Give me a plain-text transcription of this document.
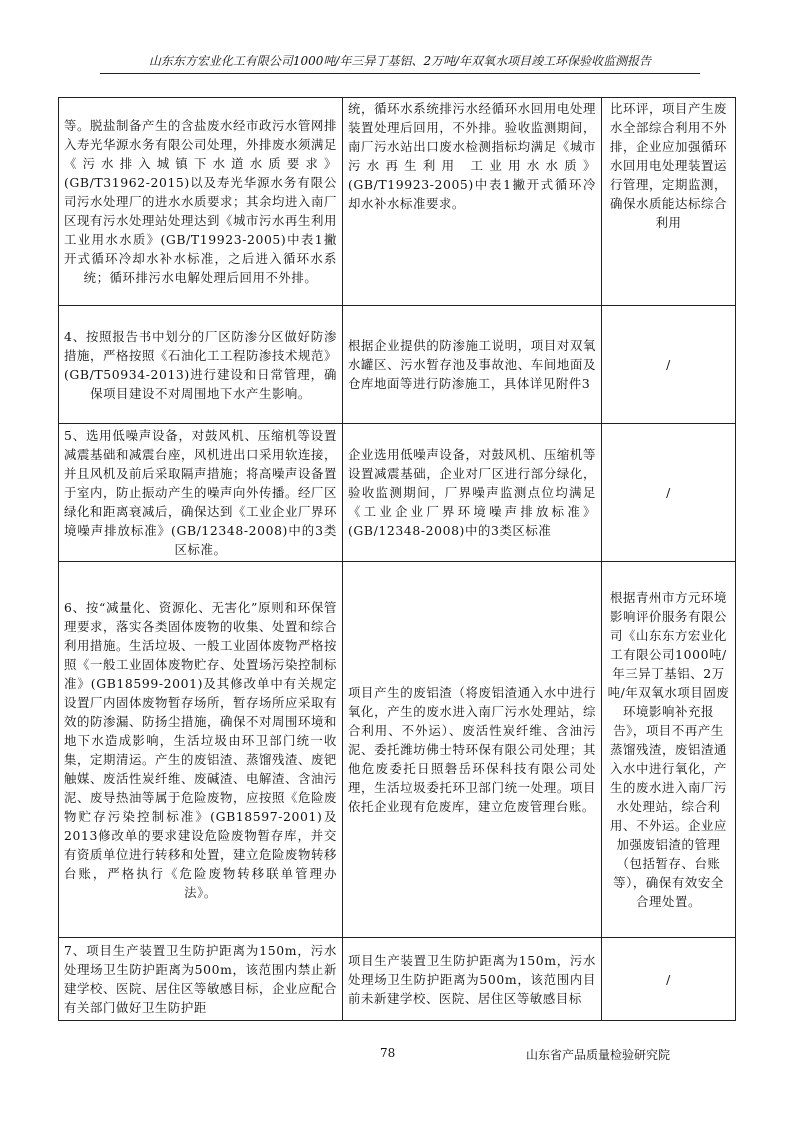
山东东方宏业化工有限公司1000吨/年三异丁基铝、2万吨/年双氧水项目竣工环保验收监测报告
等。脱盐制备产生的含盐废水经市政污水管网排入寿光华源水务有限公司处理，外排废水须满足《污水排入城镇下水道水质要求》(GB/T31962-2015)以及寿光华源水务有限公司污水处理厂的进水水质要求；其余均进入南厂区现有污水处理站处理达到《城市污水再生利用 工业用水水质》(GB/T19923-2005)中表1撇开式循环冷却水补水标准，之后进入循环水系统；循环排污水电解处理后回用不外排。	统，循环水系统排污水经循环水回用电处理装置处理后回用，不外排。验收监测期间，南厂污水站出口废水检测指标均满足《城市污水再生利用 工业用水水质》(GB/T19923-2005)中表1撇开式循环冷却水补水标准要求。	比环评，项目产生废水全部综合利用不外排，企业应加强循环水回用电处理装置运行管理，定期监测，确保水质能达标综合利用
4、按照报告书中划分的厂区防渗分区做好防渗措施，严格按照《石油化工工程防渗技术规范》(GB/T50934-2013)进行建设和日常管理，确保项目建设不对周围地下水产生影响。	根据企业提供的防渗施工说明，项目对双氧水罐区、污水暂存池及事故池、车间地面及仓库地面等进行防渗施工，具体详见附件3	/
5、选用低噪声设备，对鼓风机、压缩机等设置减震基础和减震台座，风机进出口采用软连接，并且风机及前后采取隔声措施；将高噪声设备置于室内，防止振动产生的噪声向外传播。经厂区绿化和距离衰减后，确保达到《工业企业厂界环境噪声排放标准》(GB/12348-2008)中的3类区标准。	企业选用低噪声设备，对鼓风机、压缩机等设置减震基础，企业对厂区进行部分绿化，验收监测期间，厂界噪声监测点位均满足《工业企业厂界环境噪声排放标准》(GB/12348-2008)中的3类区标准	/
6、按“减量化、资源化、无害化”原则和环保管理要求，落实各类固体废物的收集、处置和综合利用措施。生活垃圾、一般工业固体废物严格按照《一般工业固体废物贮存、处置场污染控制标准》(GB18599-2001)及其修改单中有关规定设置厂内固体废物暂存场所，暂存场所应采取有效的防渗漏、防扬尘措施，确保不对周围环境和地下水造成影响，生活垃圾由环卫部门统一收集，定期清运。产生的废铝渣、蒸馏残渣、废钯触媒、废活性炭纤维、废碱渣、电解渣、含油污泥、废导热油等属于危险废物，应按照《危险废物贮存污染控制标准》(GB18597-2001)及2013修改单的要求建设危险废物暂存库，并交有资质单位进行转移和处置，建立危险废物转移台账，严格执行《危险废物转移联单管理办法》。	项目产生的废铝渣（将废铝渣通入水中进行氧化，产生的废水进入南厂污水处理站，综合利用、不外运）、废活性炭纤维、含油污泥、委托潍坊佛士特环保有限公司处理；其他危废委托日照磐岳环保科技有限公司处理，生活垃圾委托环卫部门统一处理。项目依托企业现有危废库，建立危废管理台账。	根据青州市方元环境影响评价服务有限公司《山东东方宏业化工有限公司1000吨/年三异丁基铝、2万吨/年双氧水项目固废环境影响补充报告》，项目不再产生蒸馏残渣，废铝渣通入水中进行氧化，产生的废水进入南厂污水处理站，综合利用、不外运。企业应加强废铝渣的管理（包括暂存、台账等），确保有效安全合理处置。
7、项目生产装置卫生防护距离为150m，污水处理场卫生防护距离为500m，该范围内禁止新建学校、医院、居住区等敏感目标，企业应配合有关部门做好卫生防护距	项目生产装置卫生防护距离为150m，污水处理场卫生防护距离为500m，该范围内目前未新建学校、医院、居住区等敏感目标	/
78	山东省产品质量检验研究院
